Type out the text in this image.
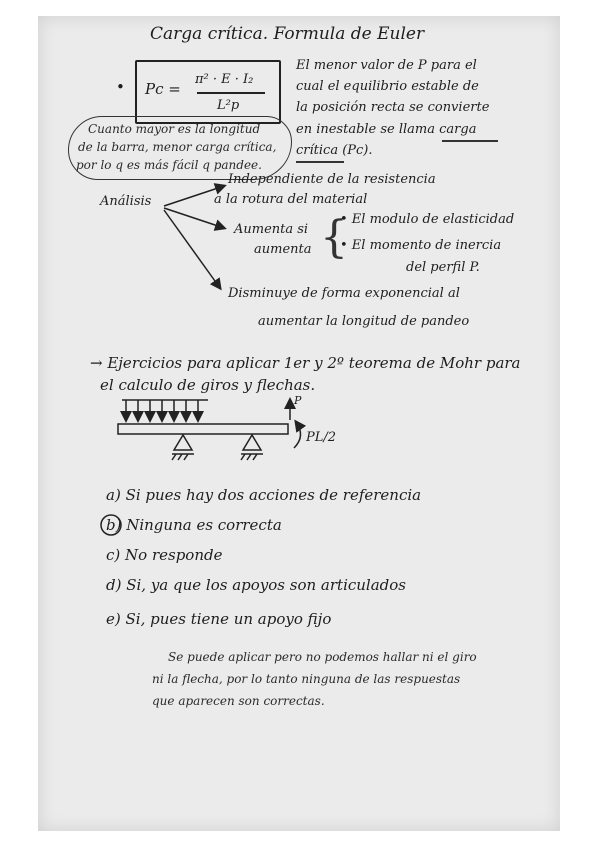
Carga crítica. Formula de Euler
• Pc =
π² · E · I₂
L²p
El menor valor de P para el
cual el equilibrio estable de
la posición recta se convierte
en inestable se llama carga
crítica (Pc).
Cuanto mayor es la longitud
de la barra, menor carga crítica,
por lo q es más fácil q pandee.
Análisis
Independiente de la resistencia
a la rotura del material
Aumenta si
aumenta {
• El modulo de elasticidad
• El momento de inercia
del perfil P.
Disminuye de forma exponencial al
aumentar la longitud de pandeo
P
PL/2
→ Ejercicios para aplicar 1er y 2º teorema de Mohr para
el calculo de giros y flechas.
a) Si pues hay dos acciones de referencia
b) Ninguna es correcta
c) No responde
d) Si, ya que los apoyos son articulados
e) Si, pues tiene un apoyo fijo
Se puede aplicar pero no podemos hallar ni el giro
ni la flecha, por lo tanto ninguna de las respuestas
que aparecen son correctas.
